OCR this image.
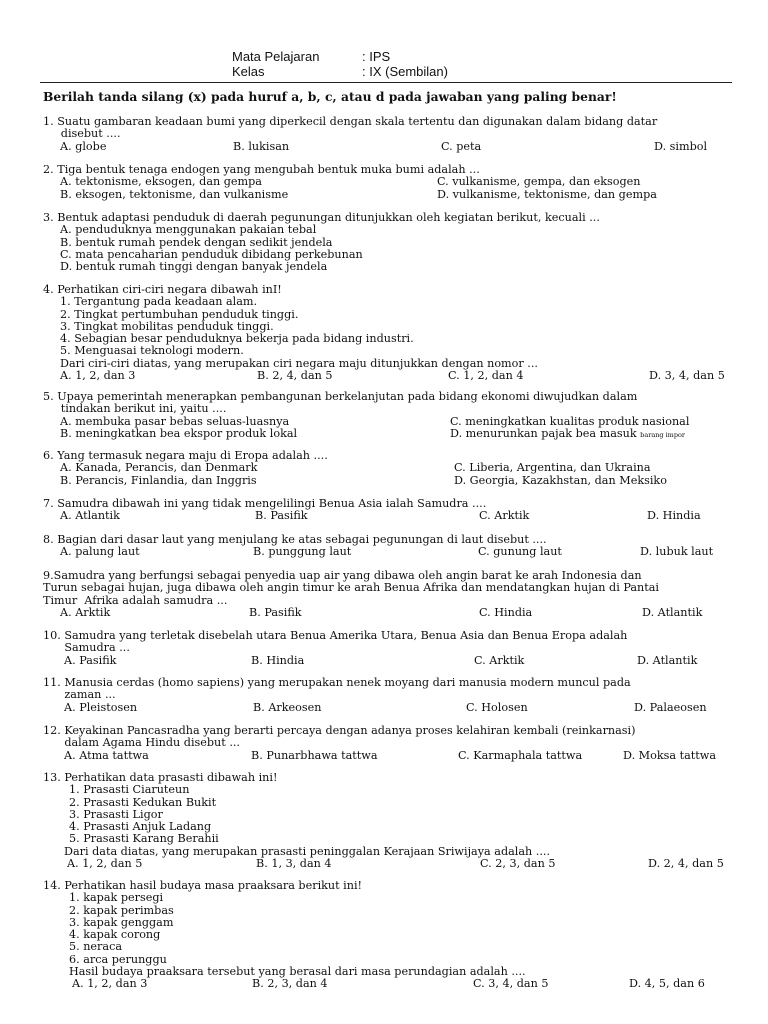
Mata Pelajaran	: IPS
Kelas	: IX (Sembilan)
Berilah tanda silang (x) pada huruf a, b, c, atau d pada jawaban yang paling benar!
1. Suatu gambaran keadaan bumi yang diperkecil dengan skala tertentu dan digunakan dalam bidang datar
disebut ....
A. globe	B. lukisan	C. peta	D. simbol
2. Tiga bentuk tenaga endogen yang mengubah bentuk muka bumi adalah ...
A. tektonisme, eksogen, dan gempa	C. vulkanisme, gempa, dan eksogen
B. eksogen, tektonisme, dan vulkanisme	D. vulkanisme, tektonisme, dan gempa
3. Bentuk adaptasi penduduk di daerah pegunungan ditunjukkan oleh kegiatan berikut, kecuali ...
A. penduduknya menggunakan pakaian tebal
B. bentuk rumah pendek dengan sedikit jendela
C. mata pencaharian penduduk dibidang perkebunan
D. bentuk rumah tinggi dengan banyak jendela
4. Perhatikan ciri-ciri negara dibawah inI!
1. Tergantung pada keadaan alam.
2. Tingkat pertumbuhan penduduk tinggi.
3. Tingkat mobilitas penduduk tinggi.
4. Sebagian besar penduduknya bekerja pada bidang industri.
5. Menguasai teknologi modern.
Dari ciri-ciri diatas, yang merupakan ciri negara maju ditunjukkan dengan nomor ...
A. 1, 2, dan 3	B. 2, 4, dan 5	C. 1, 2, dan 4	D. 3, 4, dan 5
5. Upaya pemerintah menerapkan pembangunan berkelanjutan pada bidang ekonomi diwujudkan dalam
tindakan berikut ini, yaitu ....
A. membuka pasar bebas seluas-luasnya	C. meningkatkan kualitas produk nasional
B. meningkatkan bea ekspor produk lokal	D. menurunkan pajak bea masuk barang impor
6. Yang termasuk negara maju di Eropa adalah ....
A. Kanada, Perancis, dan Denmark	C. Liberia, Argentina, dan Ukraina
B. Perancis, Finlandia, dan Inggris	D. Georgia, Kazakhstan, dan Meksiko
7. Samudra dibawah ini yang tidak mengelilingi Benua Asia ialah Samudra ....
A. Atlantik	B. Pasifik	C. Arktik	D. Hindia
8. Bagian dari dasar laut yang menjulang ke atas sebagai pegunungan di laut disebut ....
A. palung laut	B. punggung laut	C. gunung laut	D. lubuk laut
9.Samudra yang berfungsi sebagai penyedia uap air yang dibawa oleh angin barat ke arah Indonesia dan
Turun sebagai hujan, juga dibawa oleh angin timur ke arah Benua Afrika dan mendatangkan hujan di Pantai
Timur  Afrika adalah samudra ...
A. Arktik	B. Pasifik	C. Hindia	D. Atlantik
10. Samudra yang terletak disebelah utara Benua Amerika Utara, Benua Asia dan Benua Eropa adalah
Samudra ...
A. Pasifik	B. Hindia	C. Arktik	D. Atlantik
11. Manusia cerdas (homo sapiens) yang merupakan nenek moyang dari manusia modern muncul pada
zaman ...
A. Pleistosen	B. Arkeosen	C. Holosen	D. Palaeosen
12. Keyakinan Pancasradha yang berarti percaya dengan adanya proses kelahiran kembali (reinkarnasi)
dalam Agama Hindu disebut ...
A. Atma tattwa	B. Punarbhawa tattwa	C. Karmaphala tattwa	D. Moksa tattwa
13. Perhatikan data prasasti dibawah ini!
1. Prasasti Ciaruteun
2. Prasasti Kedukan Bukit
3. Prasasti Ligor
4. Prasasti Anjuk Ladang
5. Prasasti Karang Berahii
Dari data diatas, yang merupakan prasasti peninggalan Kerajaan Sriwijaya adalah ....
A. 1, 2, dan 5	B. 1, 3, dan 4	C. 2, 3, dan 5	D. 2, 4, dan 5
14. Perhatikan hasil budaya masa praaksara berikut ini!
1. kapak persegi
2. kapak perimbas
3. kapak genggam
4. kapak corong
5. neraca
6. arca perunggu
Hasil budaya praaksara tersebut yang berasal dari masa perundagian adalah ....
A. 1, 2, dan 3	B. 2, 3, dan 4	C. 3, 4, dan 5	D. 4, 5, dan 6
